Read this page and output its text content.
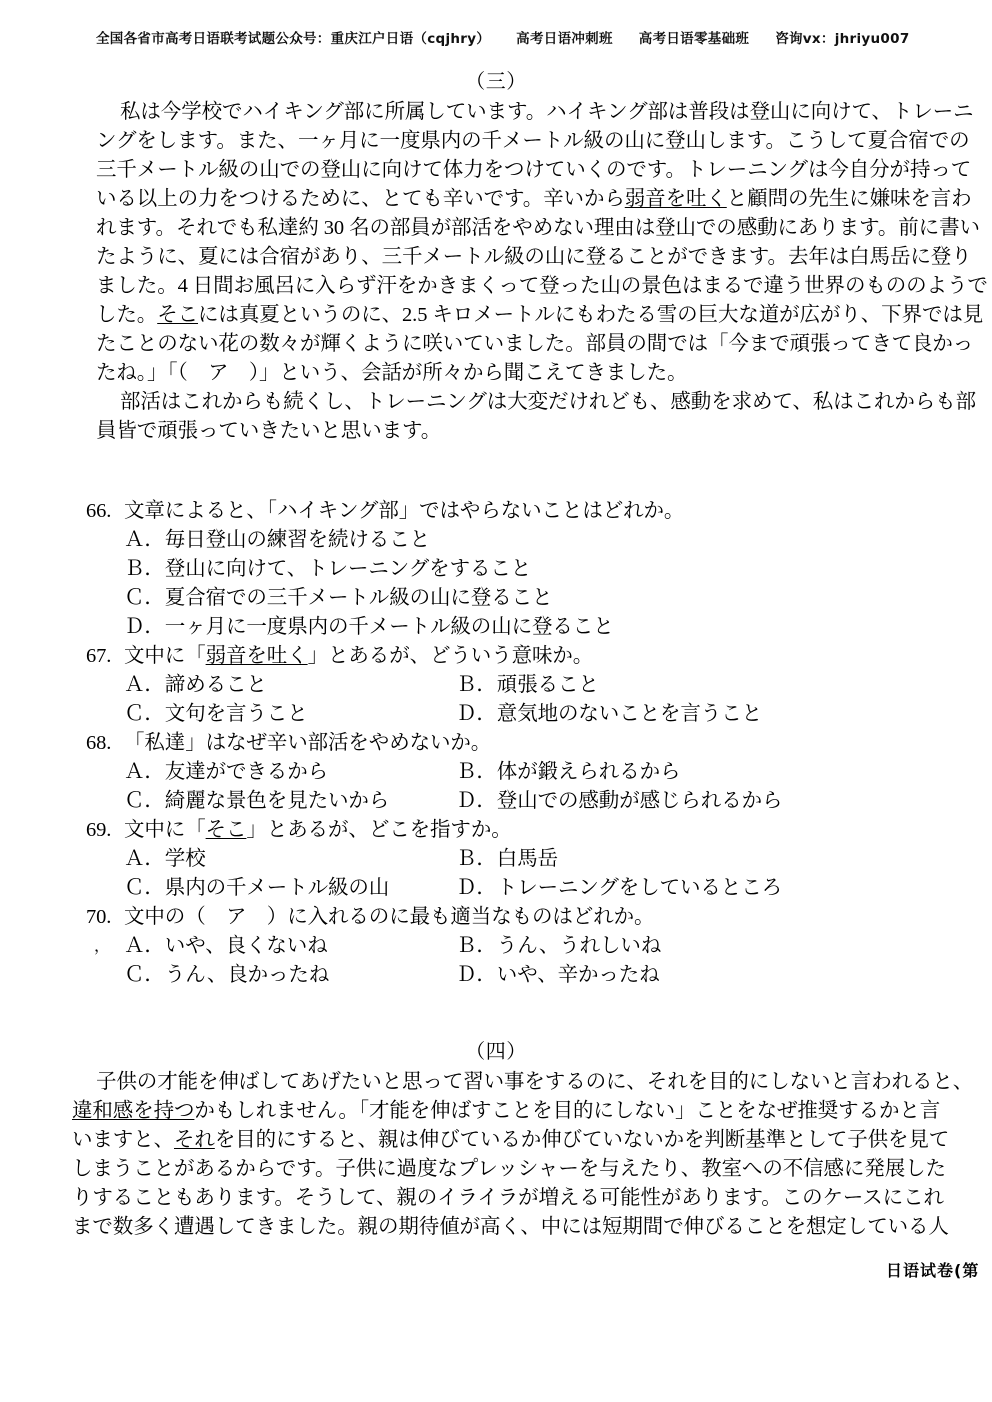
全国各省市高考日语联考试题公众号：重庆江户日语（cqjhry） 高考日语冲刺班 高考日语零基础班 咨询vx：jhriyu007
（三）

私は今学校でハイキング部に所属しています。ハイキング部は普段は登山に向けて、トレーニ
ングをします。また、一ヶ月に一度県内の千メートル級の山に登山します。こうして夏合宿での
三千メートル級の山での登山に向けて体力をつけていくのです。トレーニングは今自分が持って
いる以上の力をつけるために、とても辛いです。辛いから弱音を吐くと顧問の先生に嫌味を言わ
れます。それでも私達約 30 名の部員が部活をやめない理由は登山での感動にあります。前に書い
たように、夏には合宿があり、三千メートル級の山に登ることができます。去年は白馬岳に登り
ました。4 日間お風呂に入らず汗をかきまくって登った山の景色はまるで違う世界のもののようで
した。そこには真夏というのに、2.5 キロメートルにもわたる雪の巨大な道が広がり、下界では見
たことのない花の数々が輝くように咲いていました。部員の間では「今まで頑張ってきて良かっ
たね。」「（　ア　）」という、会話が所々から聞こえてきました。

部活はこれからも続くし、トレーニングは大変だけれども、感動を求めて、私はこれからも部
員皆で頑張っていきたいと思います。

66. 文章によると、「ハイキング部」ではやらないことはどれか。
Ａ．毎日登山の練習を続けること
Ｂ．登山に向けて、トレーニングをすること
Ｃ．夏合宿での三千メートル級の山に登ること
Ｄ．一ヶ月に一度県内の千メートル級の山に登ること
67. 文中に「弱音を吐く」とあるが、どういう意味か。
Ａ．諦めること	Ｂ．頑張ること
Ｃ．文句を言うこと	Ｄ．意気地のないことを言うこと
68. 「私達」はなぜ辛い部活をやめないか。
Ａ．友達ができるから	Ｂ．体が鍛えられるから
Ｃ．綺麗な景色を見たいから	Ｄ．登山での感動が感じられるから
69. 文中に「そこ」とあるが、どこを指すか。
Ａ．学校	Ｂ．白馬岳
Ｃ．県内の千メートル級の山	Ｄ．トレーニングをしているところ
70. 文中の（　ア　）に入れるのに最も適当なものはどれか。
， Ａ．いや、良くないね	Ｂ．うん、うれしいね
Ｃ．うん、良かったね	Ｄ．いや、辛かったね
（四）

子供の才能を伸ばしてあげたいと思って習い事をするのに、それを目的にしないと言われると、
違和感を持つかもしれません。「才能を伸ばすことを目的にしない」ことをなぜ推奨するかと言
いますと、それを目的にすると、親は伸びているか伸びていないかを判断基準として子供を見て
しまうことがあるからです。子供に過度なプレッシャーを与えたり、教室への不信感に発展した
りすることもあります。そうして、親のイライラが増える可能性があります。このケースにこれ
まで数多く遭遇してきました。親の期待値が高く、中には短期間で伸びることを想定している人

日语试卷(第
